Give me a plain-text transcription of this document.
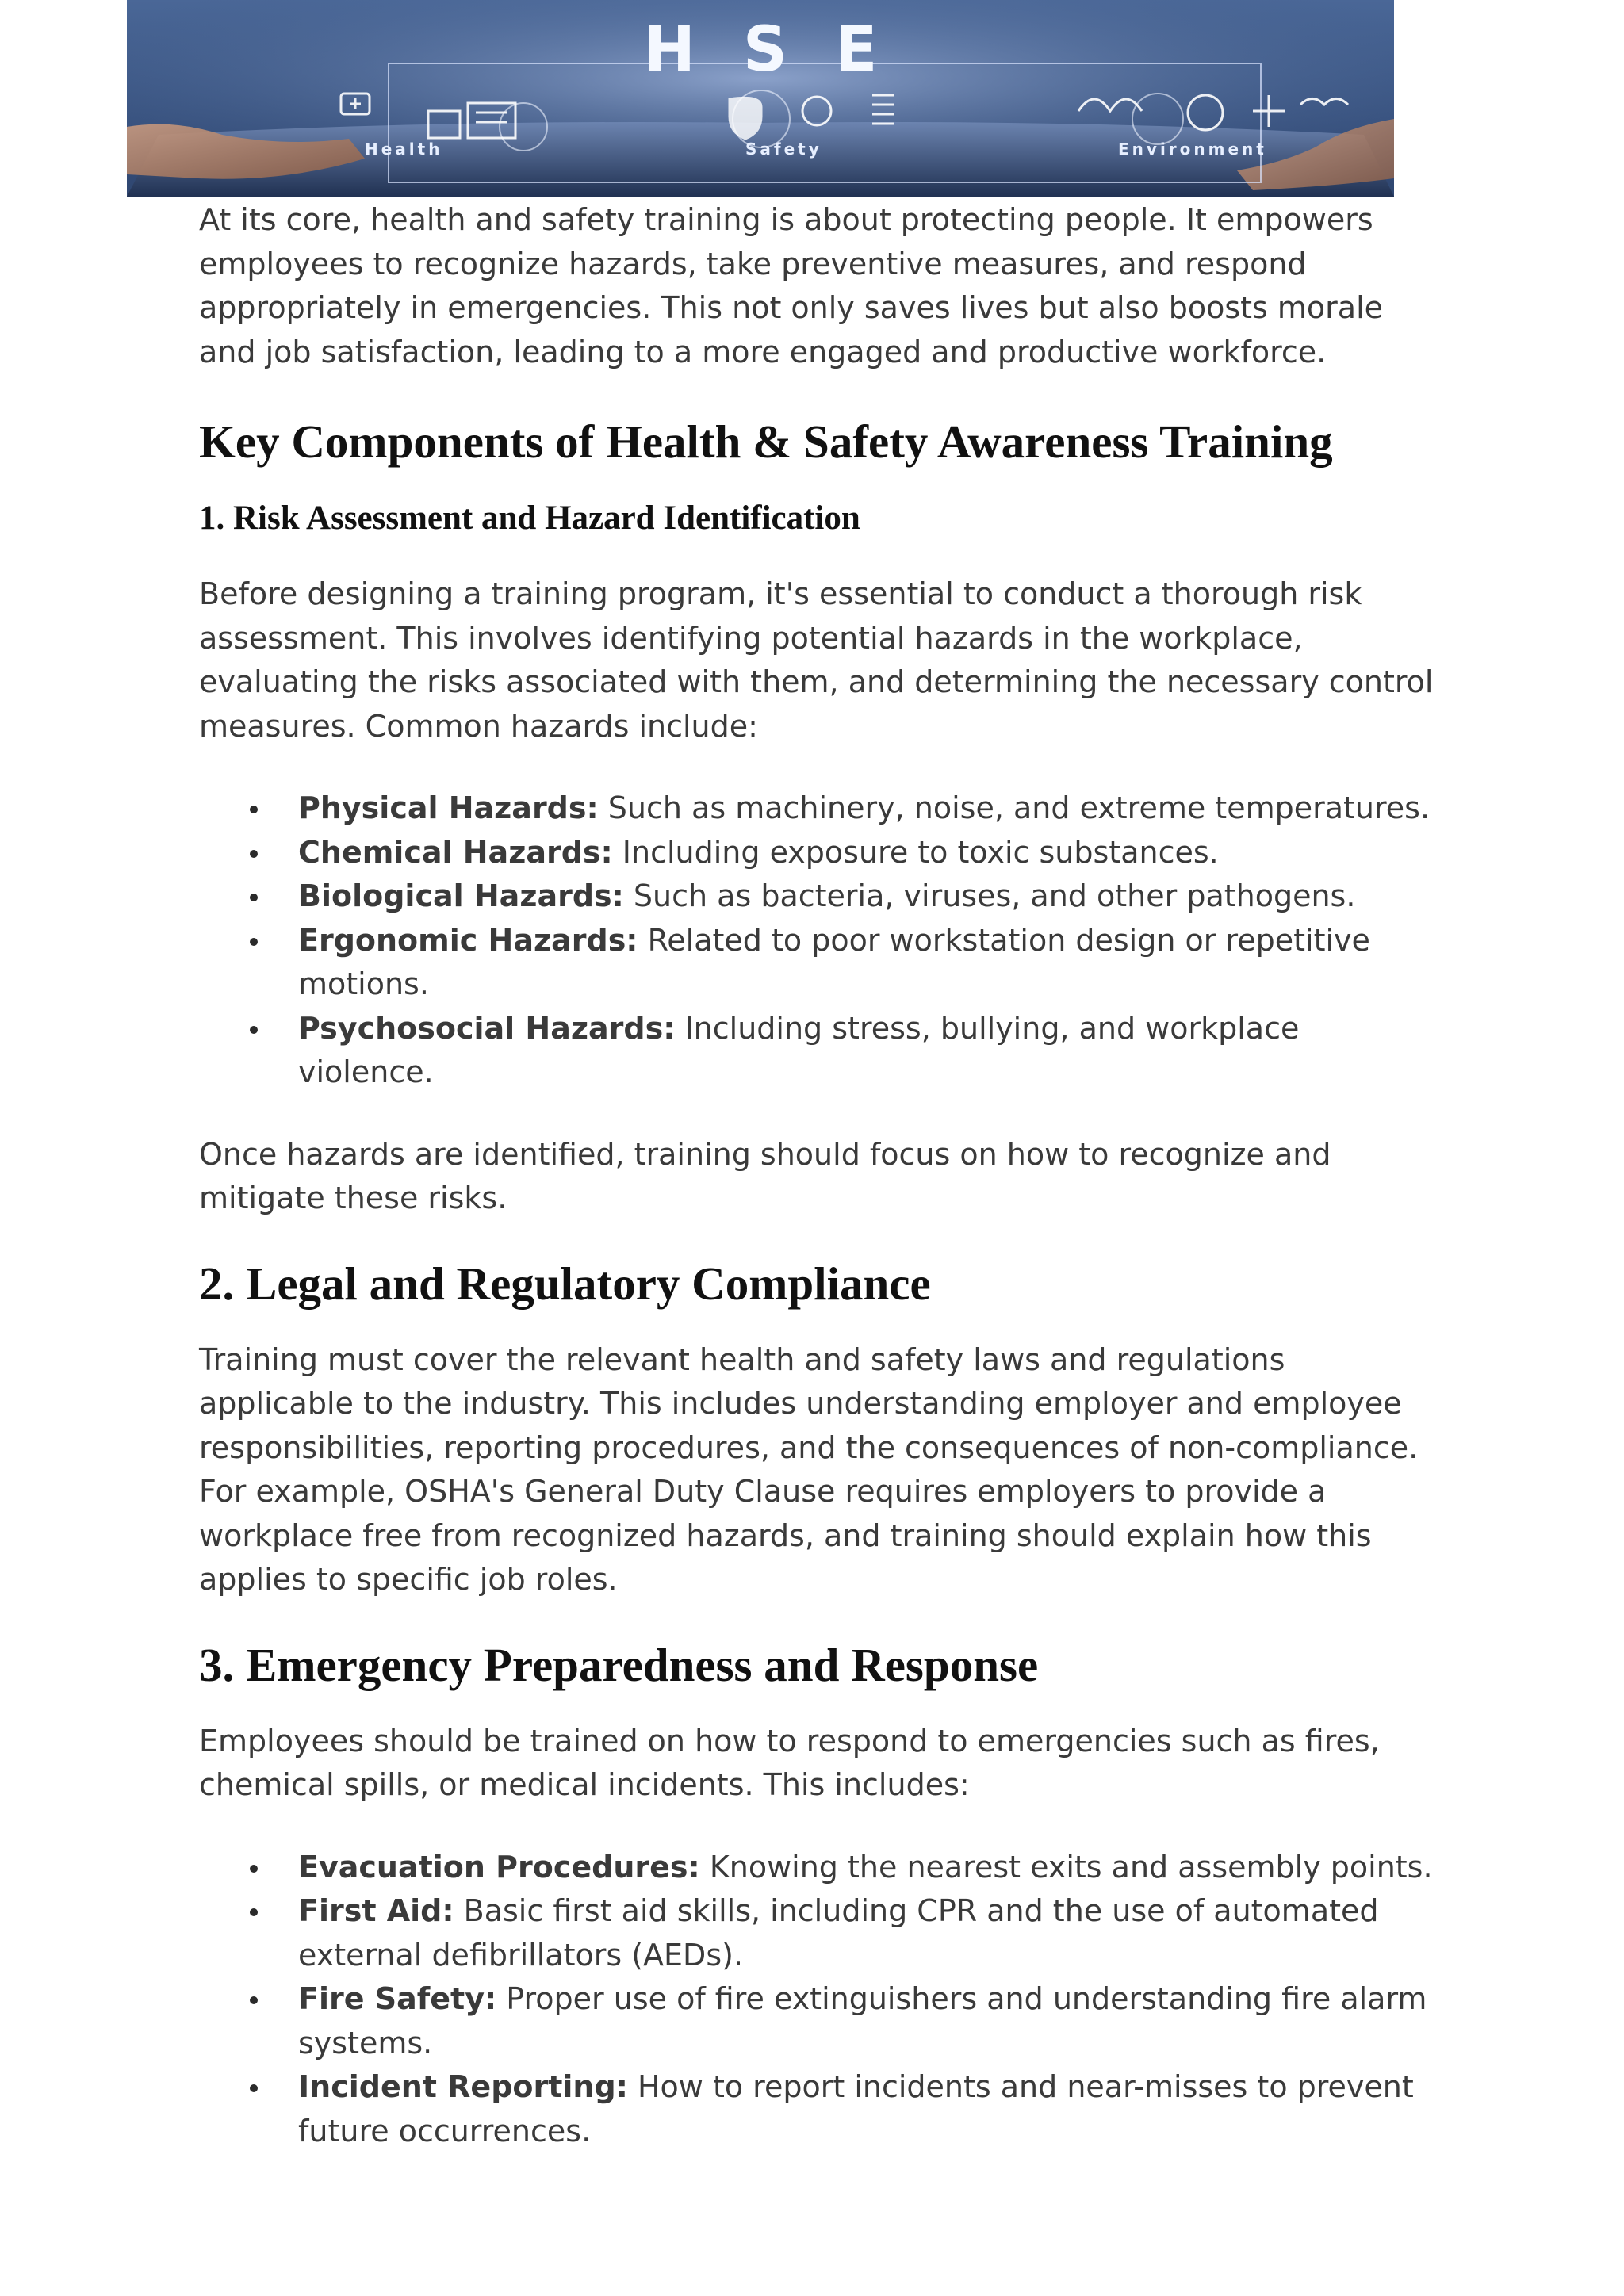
HSE
Health	Safety	Environment

At its core, health and safety training is about protecting people. It empowers employees to recognize hazards, take preventive measures, and respond appropriately in emergencies. This not only saves lives but also boosts morale and job satisfaction, leading to a more engaged and productive workforce.

Key Components of Health & Safety Awareness Training
1. Risk Assessment and Hazard Identification

Before designing a training program, it's essential to conduct a thorough risk assessment. This involves identifying potential hazards in the workplace, evaluating the risks associated with them, and determining the necessary control measures. Common hazards include:

Physical Hazards: Such as machinery, noise, and extreme temperatures.
Chemical Hazards: Including exposure to toxic substances.
Biological Hazards: Such as bacteria, viruses, and other pathogens.
Ergonomic Hazards: Related to poor workstation design or repetitive motions.
Psychosocial Hazards: Including stress, bullying, and workplace violence.

Once hazards are identified, training should focus on how to recognize and mitigate these risks.

2. Legal and Regulatory Compliance

Training must cover the relevant health and safety laws and regulations applicable to the industry. This includes understanding employer and employee responsibilities, reporting procedures, and the consequences of non-compliance. For example, OSHA's General Duty Clause requires employers to provide a workplace free from recognized hazards, and training should explain how this applies to specific job roles.

3. Emergency Preparedness and Response

Employees should be trained on how to respond to emergencies such as fires, chemical spills, or medical incidents. This includes:

Evacuation Procedures: Knowing the nearest exits and assembly points.
First Aid: Basic first aid skills, including CPR and the use of automated external defibrillators (AEDs).
Fire Safety: Proper use of fire extinguishers and understanding fire alarm systems.
Incident Reporting: How to report incidents and near-misses to prevent future occurrences.
